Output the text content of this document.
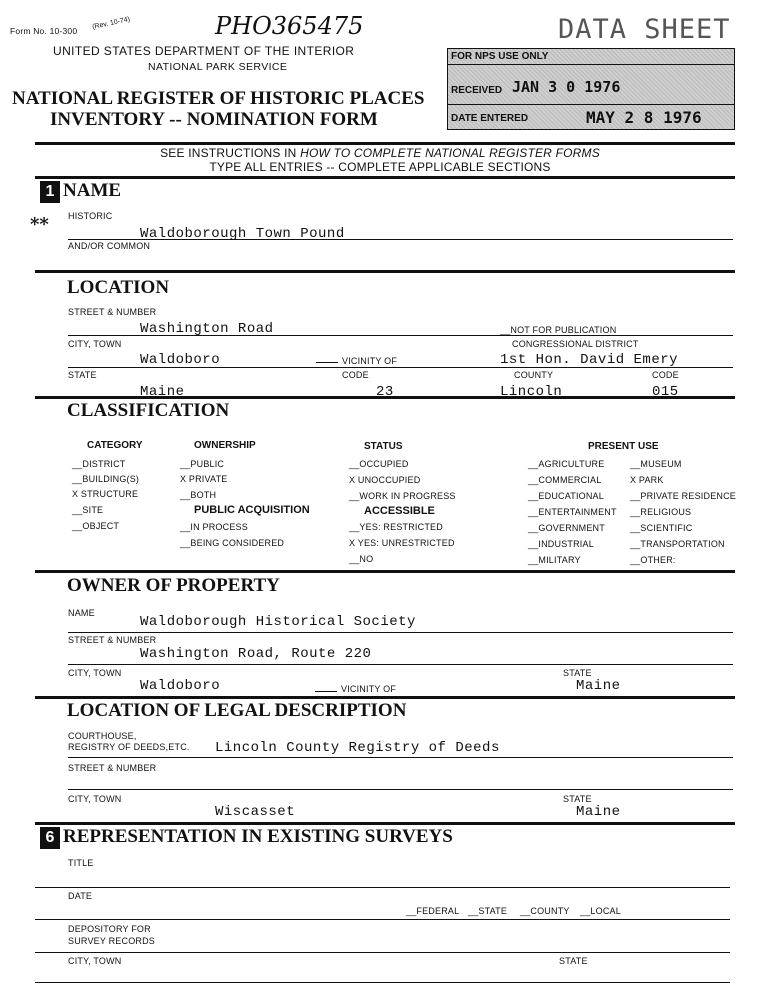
Form No. 10-300
(Rev. 10-74)	PHO365475	DATA SHEET
UNITED STATES DEPARTMENT OF THE INTERIOR
NATIONAL PARK SERVICE
NATIONAL REGISTER OF HISTORIC PLACES
INVENTORY -- NOMINATION FORM
FOR NPS USE ONLY
RECEIVED JAN 3 0 1976
DATE ENTERED	MAY 2 8 1976
SEE INSTRUCTIONS IN HOW TO COMPLETE NATIONAL REGISTER FORMS
TYPE ALL ENTRIES -- COMPLETE APPLICABLE SECTIONS
1 NAME
** HISTORIC
Waldoborough Town Pound
AND/OR COMMON
LOCATION
STREET & NUMBER
Washington Road	__NOT FOR PUBLICATION
CITY, TOWN	CONGRESSIONAL DISTRICT
Waldoboro	VICINITY OF	1st Hon. David Emery
STATE	CODE	COUNTY	CODE
Maine	23	Lincoln	015
CLASSIFICATION
CATEGORY
__DISTRICT
__BUILDING(S)
X STRUCTURE
__SITE
__OBJECT
OWNERSHIP
__PUBLIC
X PRIVATE
__BOTH
PUBLIC ACQUISITION
__IN PROCESS
__BEING CONSIDERED
STATUS
__OCCUPIED
X UNOCCUPIED
__WORK IN PROGRESS
ACCESSIBLE
__YES: RESTRICTED
X YES: UNRESTRICTED
__NO
PRESENT USE
__AGRICULTURE
__COMMERCIAL
__EDUCATIONAL
__ENTERTAINMENT
__GOVERNMENT
__INDUSTRIAL
__MILITARY
__MUSEUM
X PARK
__PRIVATE RESIDENCE
__RELIGIOUS
__SCIENTIFIC
__TRANSPORTATION
__OTHER:
OWNER OF PROPERTY
NAME
Waldoborough Historical Society
STREET & NUMBER
Washington Road, Route 220
CITY, TOWN	STATE
Waldoboro	VICINITY OF	Maine
LOCATION OF LEGAL DESCRIPTION
COURTHOUSE,
REGISTRY OF DEEDS,ETC. Lincoln County Registry of Deeds
STREET & NUMBER
CITY, TOWN	STATE
Wiscasset	Maine
6 REPRESENTATION IN EXISTING SURVEYS
TITLE
DATE
__FEDERAL __STATE __COUNTY __LOCAL
DEPOSITORY FOR
SURVEY RECORDS
CITY, TOWN	STATE
